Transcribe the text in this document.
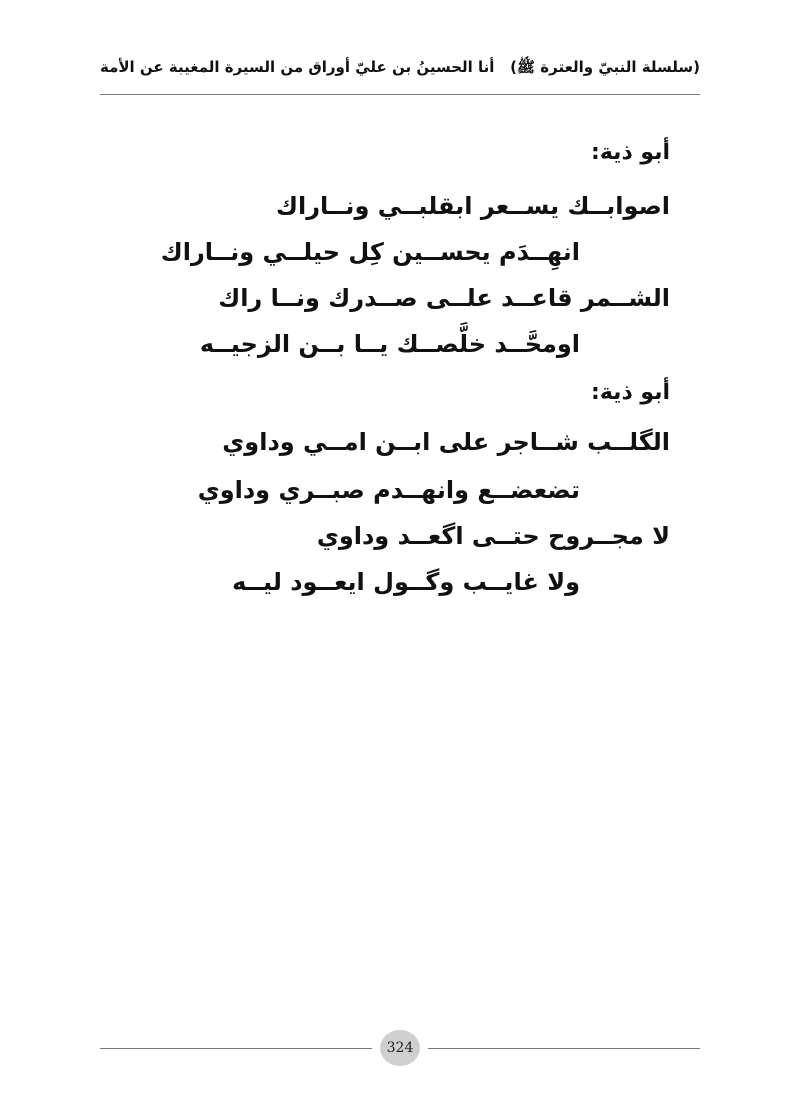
(سلسلة النبيّ والعترة ﷺ)
أنا الحسينُ بن عليّ أوراق من السيرة المغيبة عن الأمة
أبو ذية:
اصوابــك يســعر ابقلبــي ونــاراك
انهِــدَم يحســين كِل حيلــي ونــاراك
الشــمر قاعــد علــى صــدرك ونــا راك
اومحَّــد خلَّصــك يــا بــن الزجيــه
أبو ذية:
الگلــب شــاجر على ابــن امــي وداوي
تضعضــع وانهــدم صبــري وداوي
لا مجــروح حتــى اگعــد وداوي
ولا غايــب وگــول ايعــود ليــه
324
